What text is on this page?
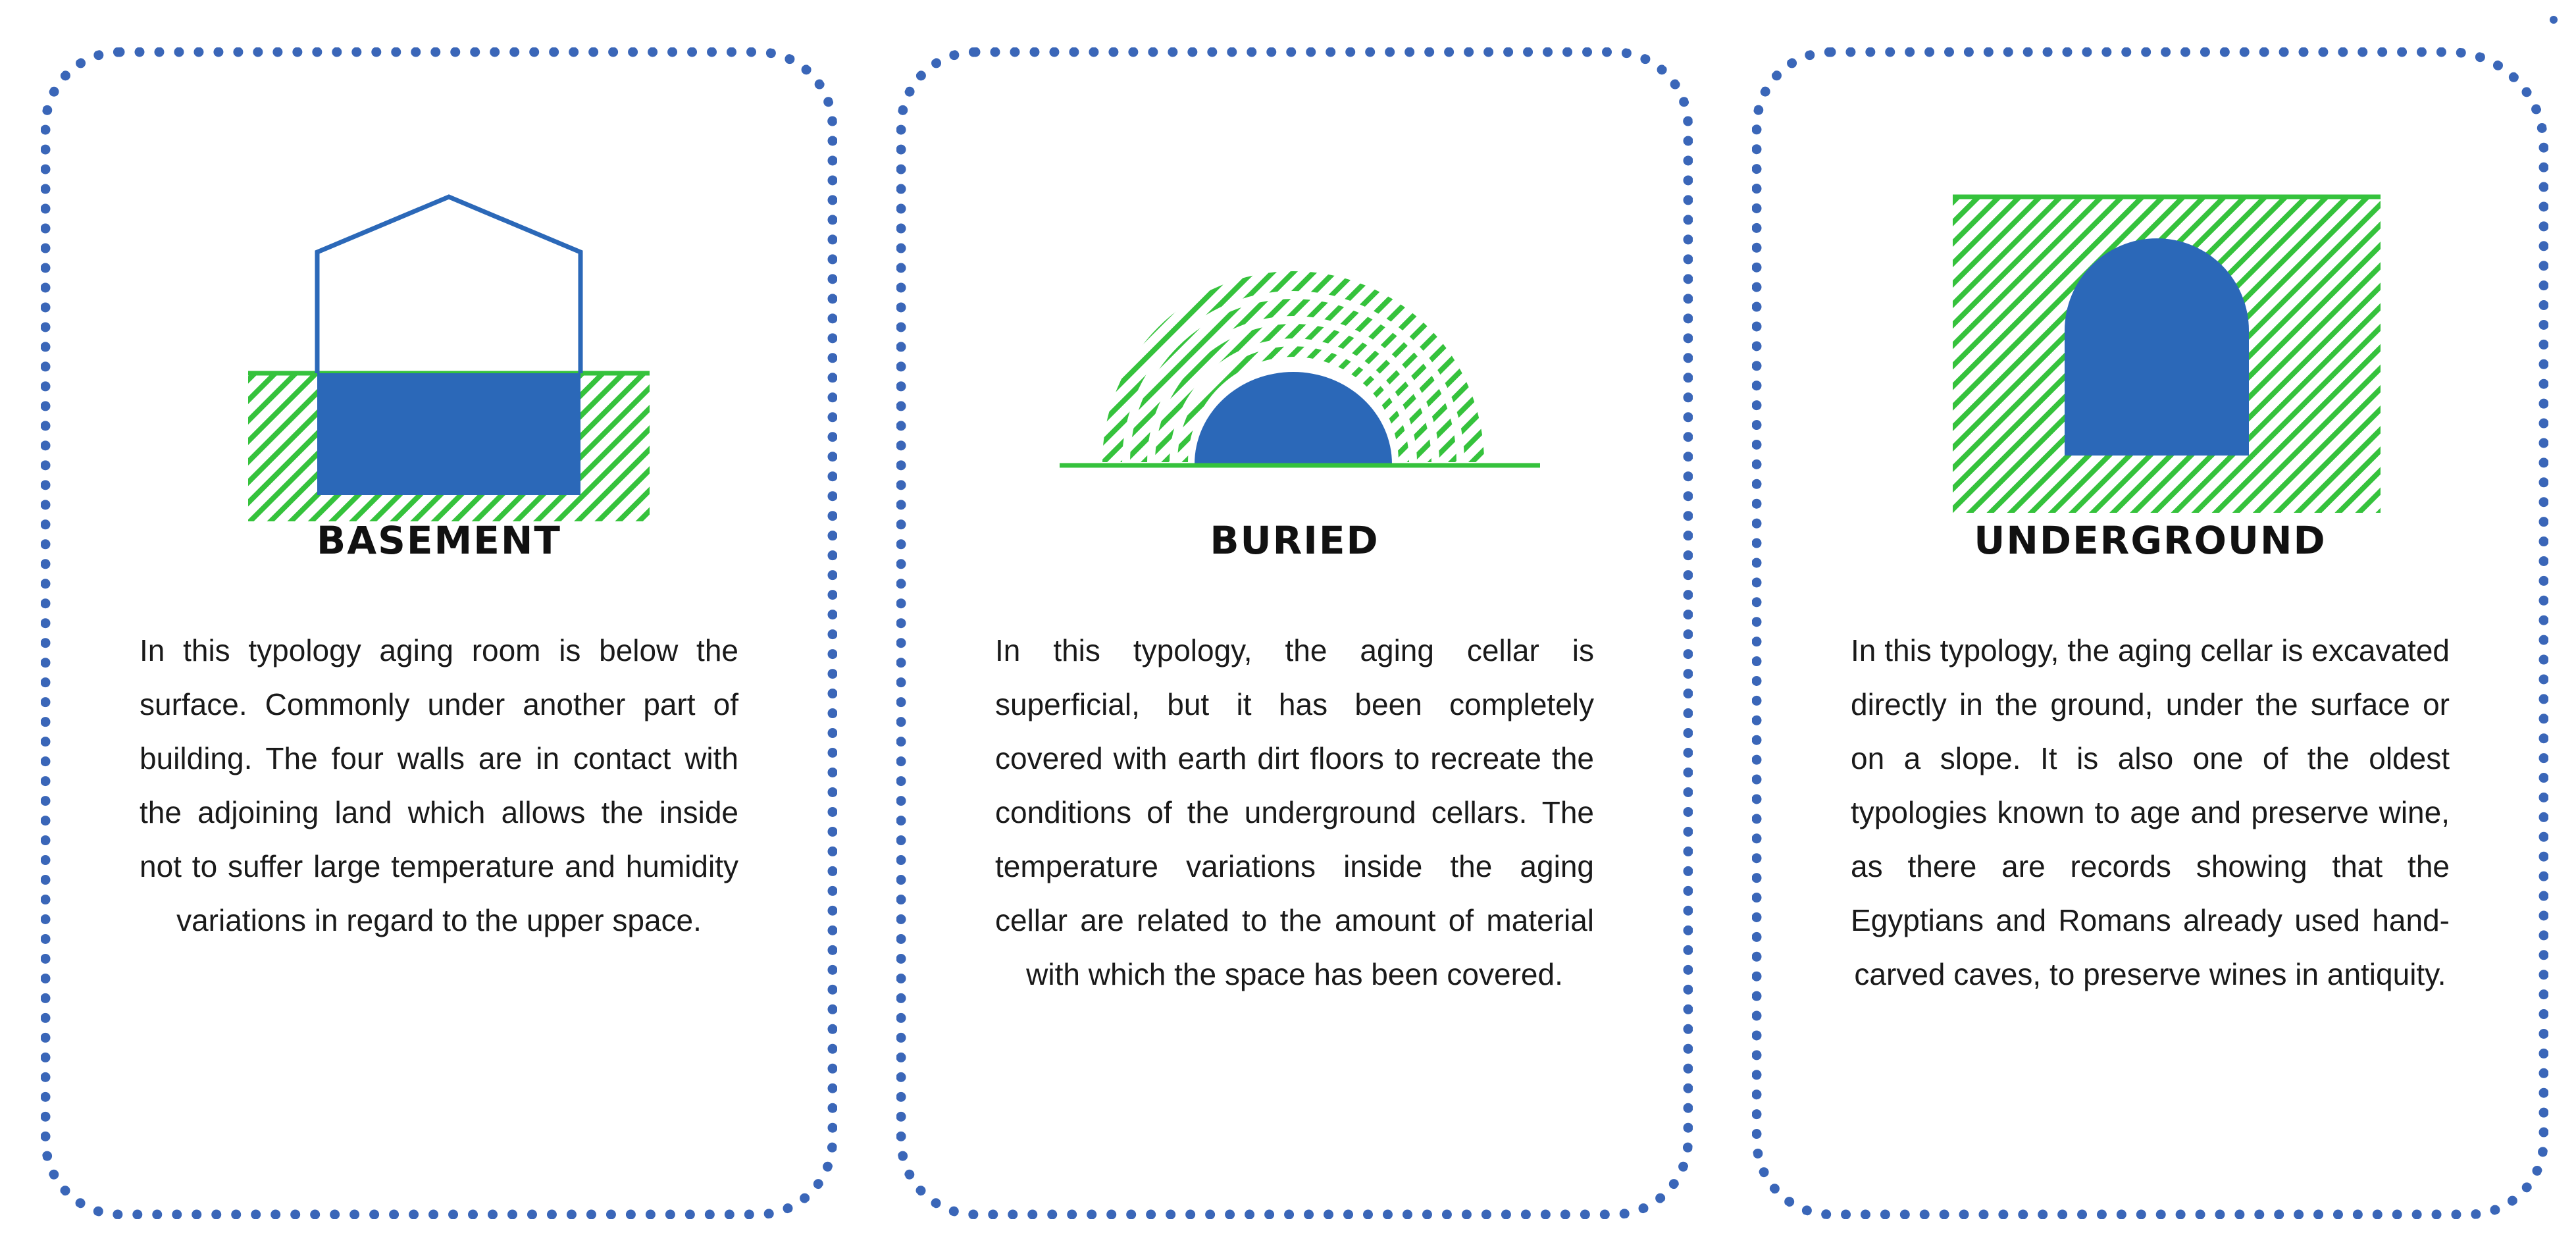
BASEMENT
In this typology aging room is below the surface. Commonly under another part of building. The four walls are in contact with the adjoining land which allows the inside not to suffer large temperature and humidity variations in regard to the upper space.
BURIED
In this typology, the aging cellar is superficial, but it has been completely covered with earth dirt floors to recreate the conditions of the underground cellars. The temperature variations inside the aging cellar are related to the amount of material with which the space has been covered.
UNDERGROUND
In this typology, the aging cellar is excavated directly in the ground, under the surface or on a slope. It is also one of the oldest typologies known to age and preserve wine, as there are records showing that the Egyptians and Romans already used hand-carved caves, to preserve wines in antiquity.
